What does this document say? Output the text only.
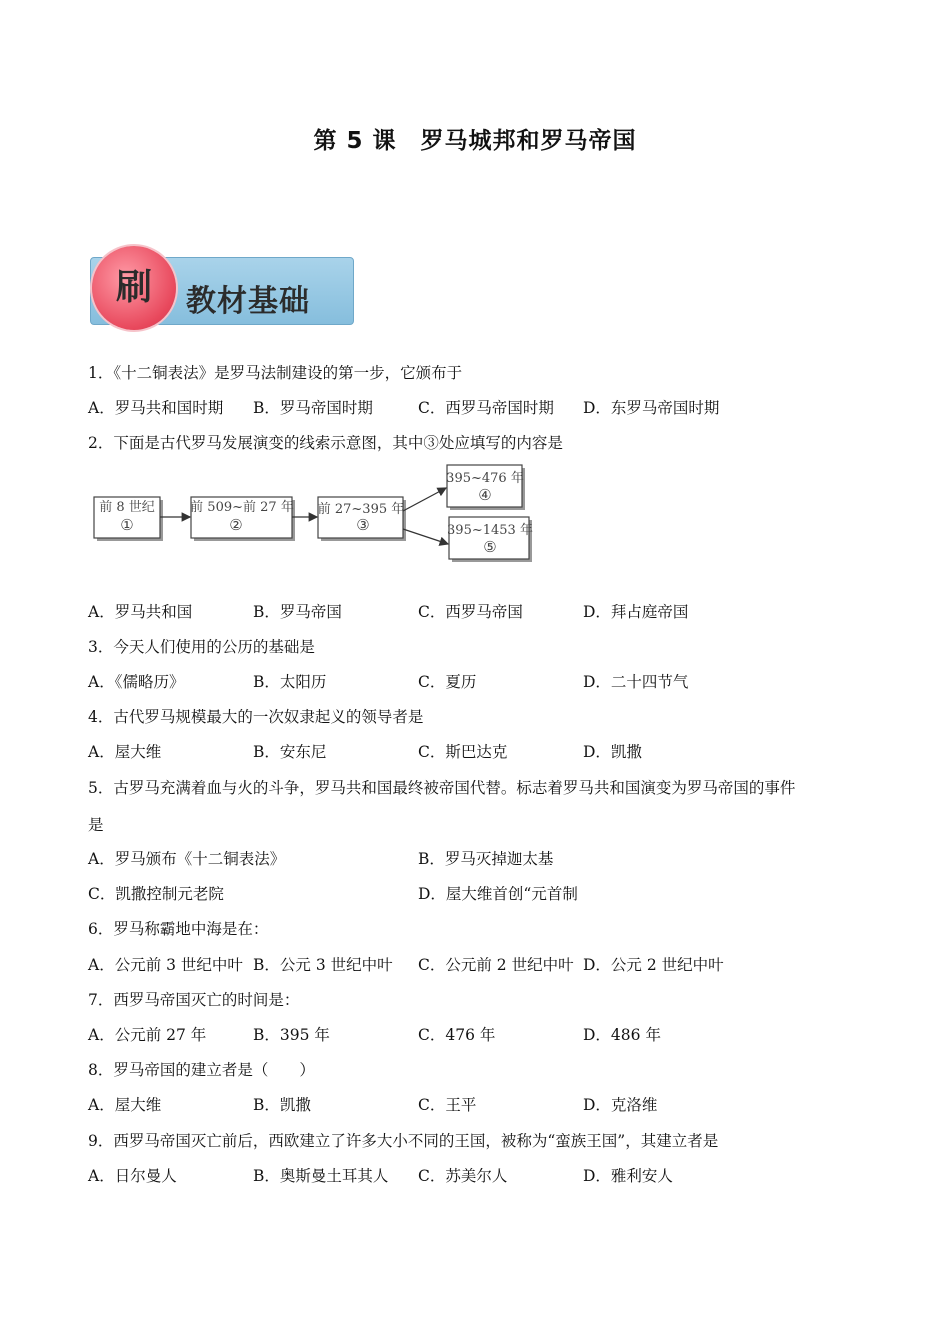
第 5 课　罗马城邦和罗马帝国
刷	教材基础
1．《十二铜表法》是罗马法制建设的第一步，它颁布于
A．罗马共和国时期 B．罗马帝国时期	C．西罗马帝国时期 D．东罗马帝国时期
2．下面是古代罗马发展演变的线索示意图，其中③处应填写的内容是
前 8 世纪
①
前 509~前 27 年
②
前 27~395 年
③
395~476 年
④
395~1453 年
⑤
A．罗马共和国	B．罗马帝国	C．西罗马帝国	D．拜占庭帝国
3．今天人们使用的公历的基础是
A．《儒略历》	B．太阳历	C．夏历	D．二十四节气
4．古代罗马规模最大的一次奴隶起义的领导者是
A．屋大维	B．安东尼	C．斯巴达克	D．凯撒
5．古罗马充满着血与火的斗争，罗马共和国最终被帝国代替。标志着罗马共和国演变为罗马帝国的事件
是
A．罗马颁布《十二铜表法》	B．罗马灭掉迦太基
C．凯撒控制元老院	D．屋大维首创“元首制
6．罗马称霸地中海是在：
A．公元前 3 世纪中叶 B．公元 3 世纪中叶 C．公元前 2 世纪中叶 D．公元 2 世纪中叶
7．西罗马帝国灭亡的时间是：
A．公元前 27 年	B．395 年	C．476 年	D．486 年
8．罗马帝国的建立者是（　　）
A．屋大维	B．凯撒	C．王平	D．克洛维
9．西罗马帝国灭亡前后，西欧建立了许多大小不同的王国，被称为“蛮族王国”，其建立者是
A．日尔曼人	B．奥斯曼土耳其人 C．苏美尔人	D．雅利安人
